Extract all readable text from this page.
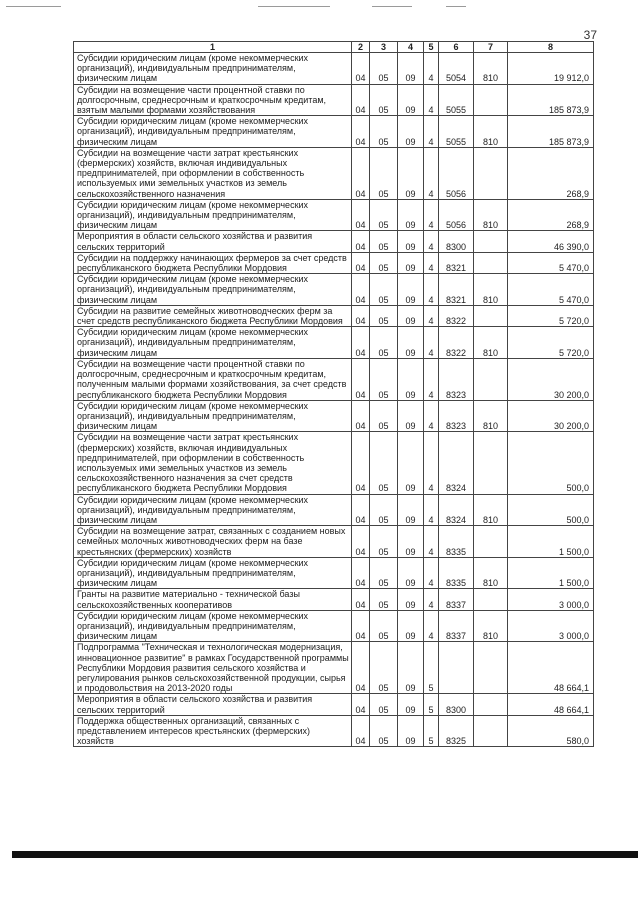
37
1	2	3	4	5	6	7	8
Субсидии юридическим лицам (кроме некоммерческих организаций), индивидуальным предпринимателям, физическим лицам	04	05	09	4	5054	810	19 912,0
Субсидии на возмещение части процентной ставки по долгосрочным, среднесрочным и краткосрочным кредитам, взятым малыми формами хозяйствования	04	05	09	4	5055		185 873,9
Субсидии юридическим лицам (кроме некоммерческих организаций), индивидуальным предпринимателям, физическим лицам	04	05	09	4	5055	810	185 873,9
Субсидии на возмещение части затрат крестьянских (фермерских) хозяйств, включая индивидуальных предпринимателей, при оформлении в собственность используемых ими земельных участков из земель сельскохозяйственного назначения	04	05	09	4	5056		268,9
Субсидии юридическим лицам (кроме некоммерческих организаций), индивидуальным предпринимателям, физическим лицам	04	05	09	4	5056	810	268,9
Мероприятия в области сельского хозяйства и развития сельских территорий	04	05	09	4	8300		46 390,0
Субсидии на поддержку начинающих фермеров за счет средств республиканского бюджета Республики Мордовия	04	05	09	4	8321		5 470,0
Субсидии юридическим лицам (кроме некоммерческих организаций), индивидуальным предпринимателям, физическим лицам	04	05	09	4	8321	810	5 470,0
Субсидии на развитие семейных животноводческих ферм за счет средств республиканского бюджета Республики Мордовия	04	05	09	4	8322		5 720,0
Субсидии юридическим лицам (кроме некоммерческих организаций), индивидуальным предпринимателям, физическим лицам	04	05	09	4	8322	810	5 720,0
Субсидии на возмещение части процентной ставки по долгосрочным, среднесрочным и краткосрочным кредитам, полученным малыми формами хозяйствования, за счет средств республиканского бюджета Республики Мордовия	04	05	09	4	8323		30 200,0
Субсидии юридическим лицам (кроме некоммерческих организаций), индивидуальным предпринимателям, физическим лицам	04	05	09	4	8323	810	30 200,0
Субсидии на возмещение части затрат крестьянских (фермерских) хозяйств, включая индивидуальных предпринимателей, при оформлении в собственность используемых ими земельных участков из земель сельскохозяйственного назначения за счет средств республиканского бюджета Республики Мордовия	04	05	09	4	8324		500,0
Субсидии юридическим лицам (кроме некоммерческих организаций), индивидуальным предпринимателям, физическим лицам	04	05	09	4	8324	810	500,0
Субсидии на возмещение затрат, связанных с созданием новых семейных молочных животноводческих ферм на базе крестьянских (фермерских) хозяйств	04	05	09	4	8335		1 500,0
Субсидии юридическим лицам (кроме некоммерческих организаций), индивидуальным предпринимателям, физическим лицам	04	05	09	4	8335	810	1 500,0
Гранты на развитие материально - технической базы сельскохозяйственных кооперативов	04	05	09	4	8337		3 000,0
Субсидии юридическим лицам (кроме некоммерческих организаций), индивидуальным предпринимателям, физическим лицам	04	05	09	4	8337	810	3 000,0
Подпрограмма "Техническая и технологическая модернизация, инновационное развитие" в рамках Государственной программы Республики Мордовия развития сельского хозяйства и регулирования рынков сельскохозяйственной продукции, сырья и продовольствия на 2013-2020 годы	04	05	09	5			48 664,1
Мероприятия в области сельского хозяйства и развития сельских территорий	04	05	09	5	8300		48 664,1
Поддержка общественных организаций, связанных с представлением интересов крестьянских (фермерских) хозяйств	04	05	09	5	8325		580,0
